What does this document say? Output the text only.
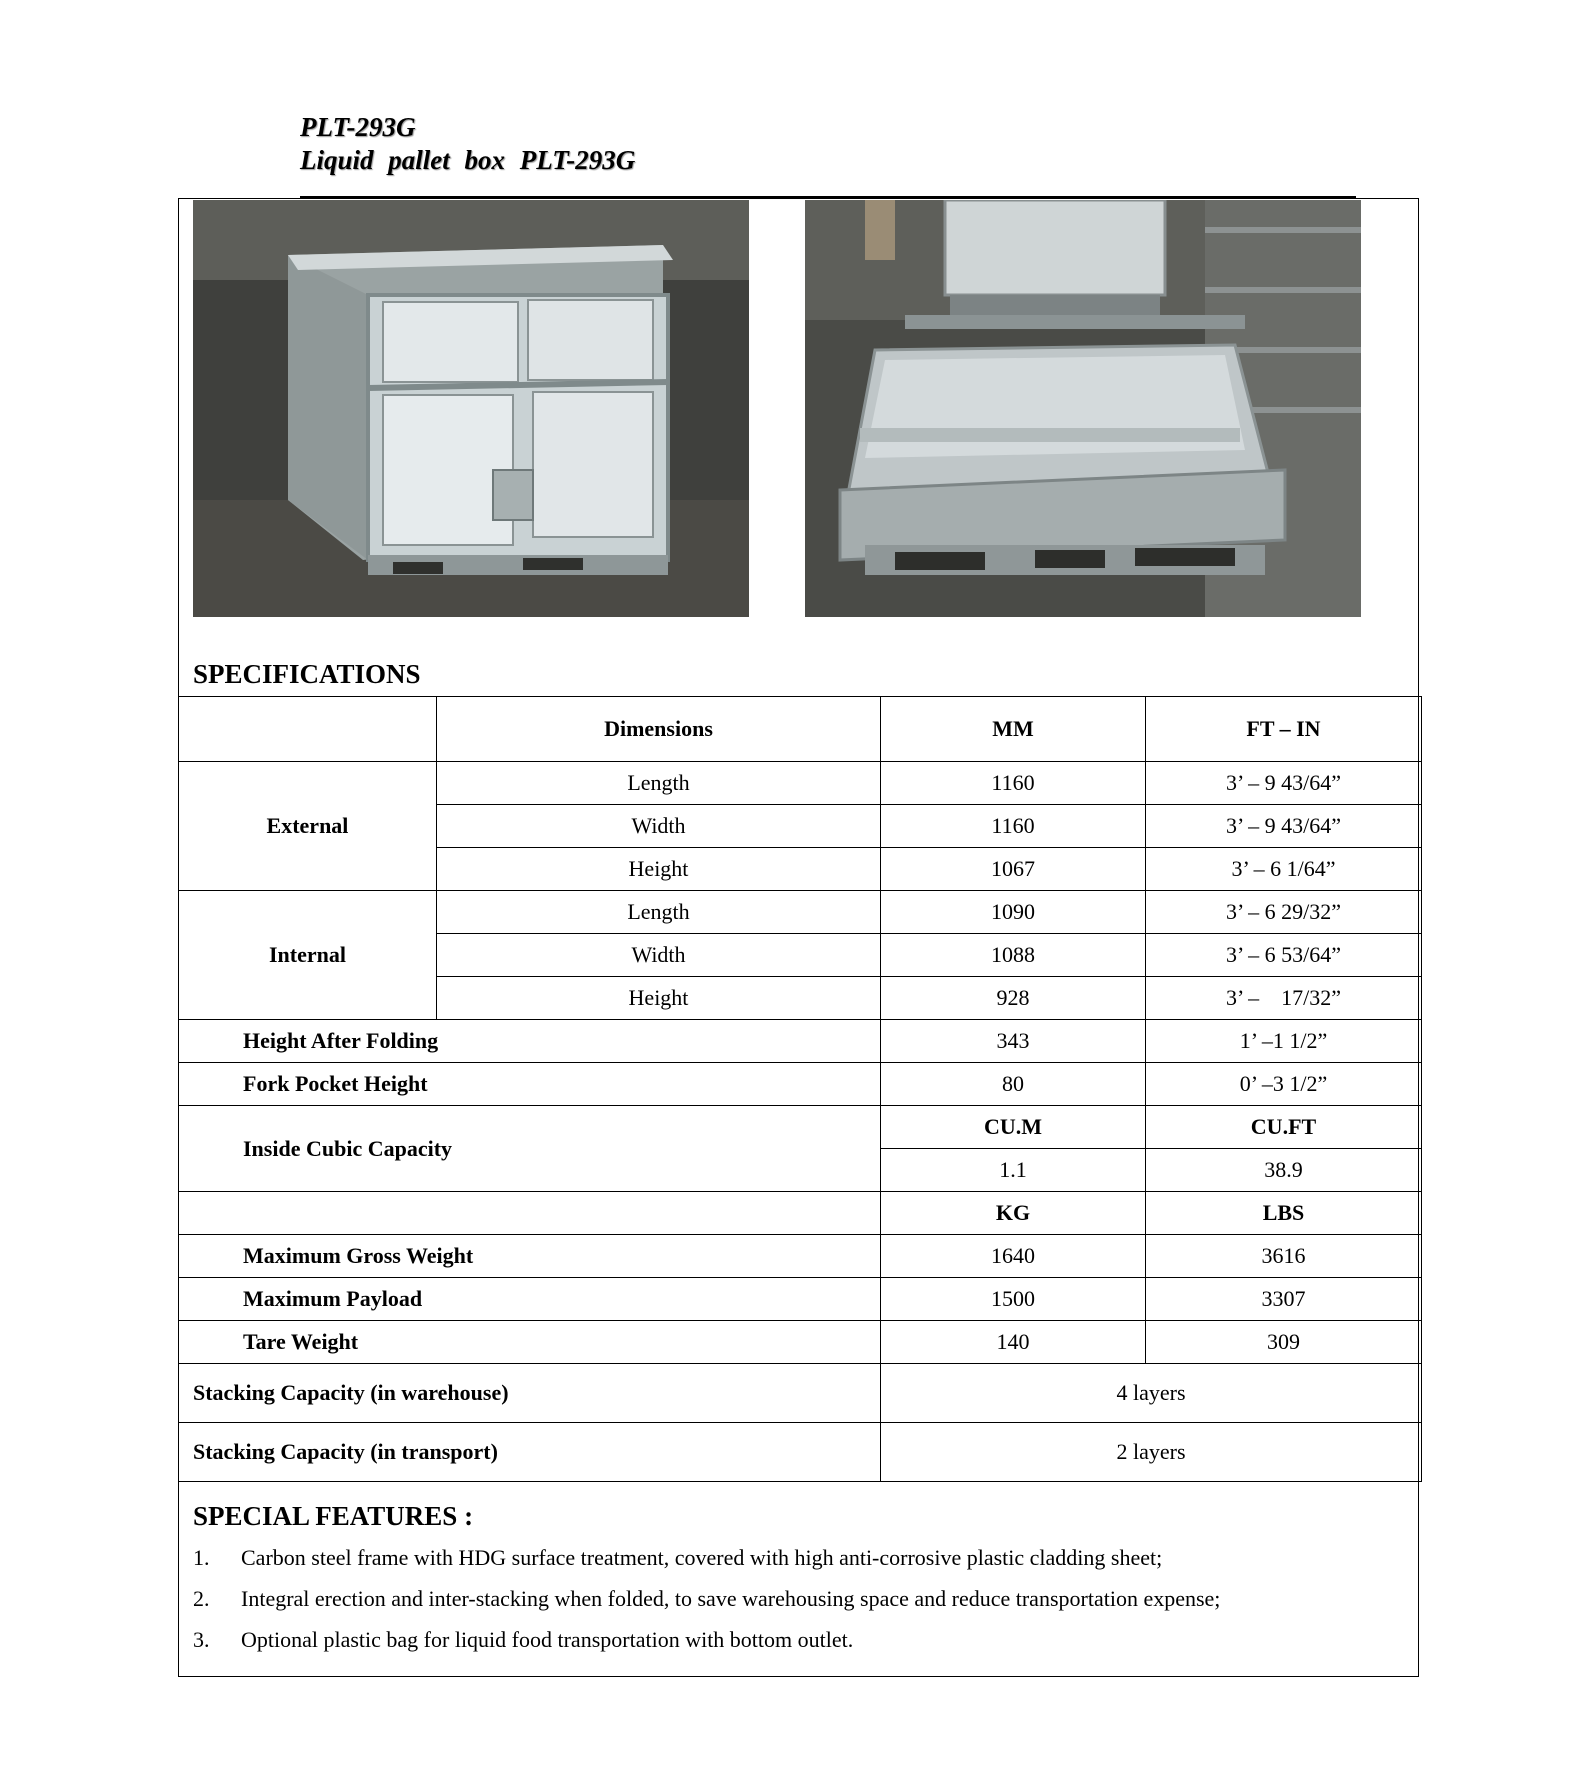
PLT-293G
Liquid pallet box PLT-293G
SPECIFICATIONS
	Dimensions	MM	FT – IN
External	Length	1160	3’ – 9 43/64”
	Width	1160	3’ – 9 43/64”
	Height	1067	3’ – 6 1/64”
Internal	Length	1090	3’ – 6 29/32”
	Width	1088	3’ – 6 53/64”
	Height	928	3’ –    17/32”
Height After Folding		343	1’ –1 1/2”
Fork Pocket Height		80	0’ –3 1/2”
Inside Cubic Capacity		CU.M	CU.FT
		1.1	38.9
		KG	LBS
Maximum Gross Weight		1640	3616
Maximum Payload		1500	3307
Tare Weight		140	309
Stacking Capacity (in warehouse)		4 layers	
Stacking Capacity (in transport)		2 layers	
SPECIAL FEATURES :
1. Carbon steel frame with HDG surface treatment, covered with high anti-corrosive plastic cladding sheet;
2. Integral erection and inter-stacking when folded, to save warehousing space and reduce transportation expense;
3. Optional plastic bag for liquid food transportation with bottom outlet.
